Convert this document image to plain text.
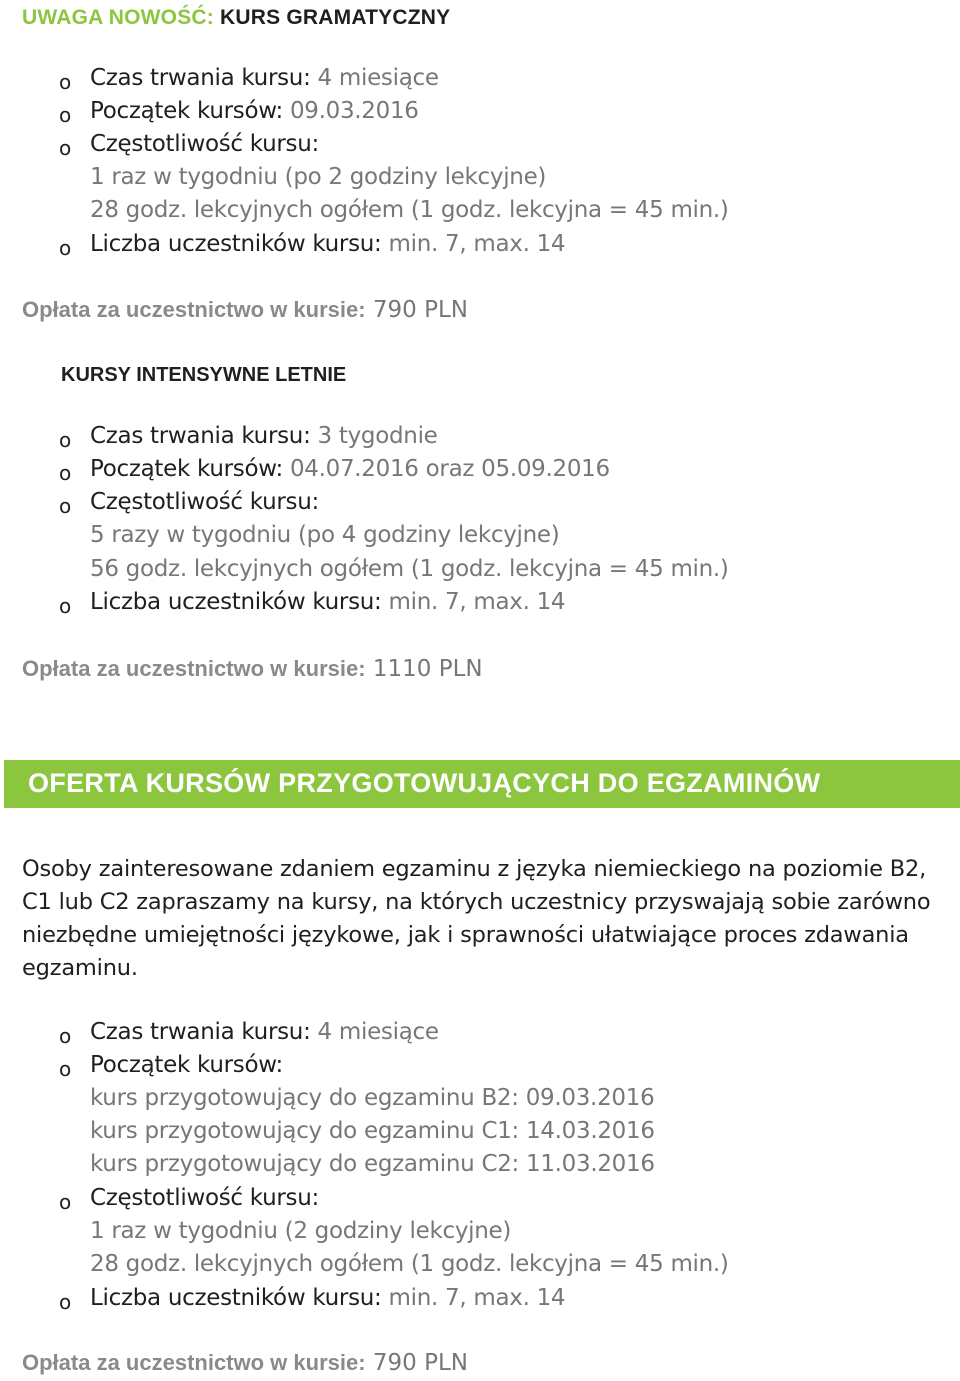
UWAGA NOWOŚĆ: KURS GRAMATYCZNY
o Czas trwania kursu: 4 miesiące
o Początek kursów: 09.03.2016
o Częstotliwość kursu:
1 raz w tygodniu (po 2 godziny lekcyjne)
28 godz. lekcyjnych ogółem (1 godz. lekcyjna = 45 min.)
o Liczba uczestników kursu: min. 7, max. 14
Opłata za uczestnictwo w kursie: 790 PLN
KURSY INTENSYWNE LETNIE
o Czas trwania kursu: 3 tygodnie
o Początek kursów: 04.07.2016 oraz 05.09.2016
o Częstotliwość kursu:
5 razy w tygodniu (po 4 godziny lekcyjne)
56 godz. lekcyjnych ogółem (1 godz. lekcyjna = 45 min.)
o Liczba uczestników kursu: min. 7, max. 14
Opłata za uczestnictwo w kursie: 1110 PLN
OFERTA KURSÓW PRZYGOTOWUJĄCYCH DO EGZAMINÓW
Osoby zainteresowane zdaniem egzaminu z języka niemieckiego na poziomie B2,
C1 lub C2 zapraszamy na kursy, na których uczestnicy przyswajają sobie zarówno
niezbędne umiejętności językowe, jak i sprawności ułatwiające proces zdawania
egzaminu.
o Czas trwania kursu: 4 miesiące
o Początek kursów:
kurs przygotowujący do egzaminu B2: 09.03.2016
kurs przygotowujący do egzaminu C1: 14.03.2016
kurs przygotowujący do egzaminu C2: 11.03.2016
o Częstotliwość kursu:
1 raz w tygodniu (2 godziny lekcyjne)
28 godz. lekcyjnych ogółem (1 godz. lekcyjna = 45 min.)
o Liczba uczestników kursu: min. 7, max. 14
Opłata za uczestnictwo w kursie: 790 PLN
